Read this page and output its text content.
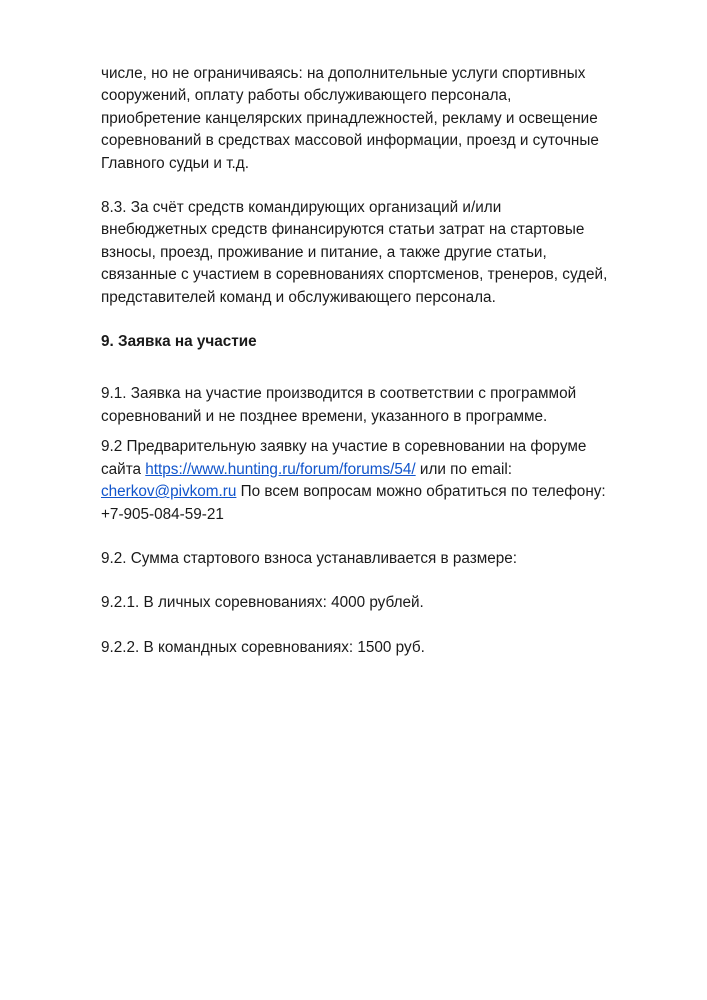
числе, но не ограничиваясь: на дополнительные услуги спортивных
сооружений, оплату работы обслуживающего персонала,
приобретение канцелярских принадлежностей, рекламу и освещение
соревнований в средствах массовой информации, проезд и суточные
Главного судьи и т.д.

8.3. За счёт средств командирующих организаций и/или
внебюджетных средств финансируются статьи затрат на стартовые
взносы, проезд, проживание и питание, а также другие статьи,
связанные с участием в соревнованиях спортсменов, тренеров, судей,
представителей команд и обслуживающего персонала.

9. Заявка на участие

9.1. Заявка на участие производится в соответствии с программой
соревнований и не позднее времени, указанного в программе.

9.2 Предварительную заявку на участие в соревновании на форуме
сайта https://www.hunting.ru/forum/forums/54/ или по email:
cherkov@pivkom.ru По всем вопросам можно обратиться по телефону:
+7-905-084-59-21

9.2. Сумма стартового взноса устанавливается в размере:

9.2.1. В личных соревнованиях: 4000 рублей.

9.2.2. В командных соревнованиях: 1500 руб.
